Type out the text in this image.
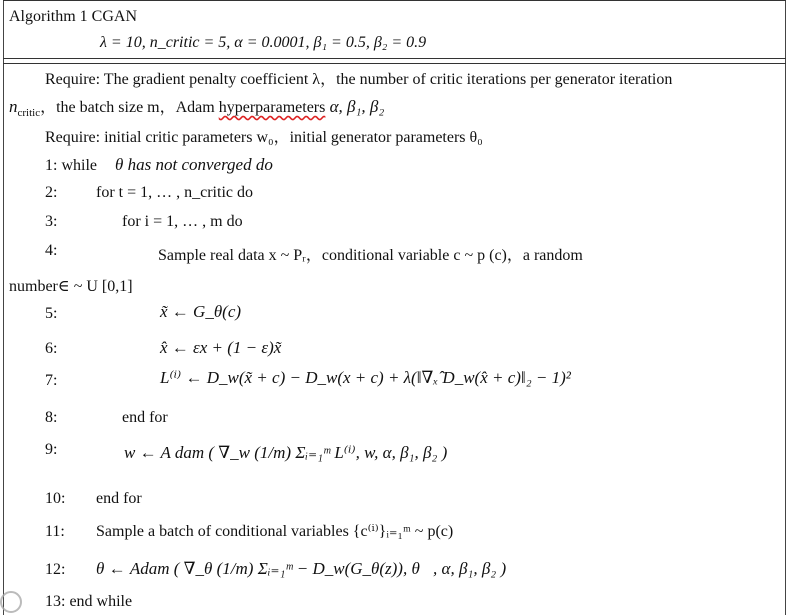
Algorithm 1 CGAN
λ = 10, n_critic = 5, α = 0.0001, β₁ = 0.5, β₂ = 0.9
Require: The gradient penalty coefficient λ，the number of critic iterations per generator iteration
$n_{critic}$，the batch size m，Adam hyperparameters α, β₁, β₂
Require: initial critic parameters w₀，initial generator parameters θ₀
1: while θ has not converged do
2: for t = 1, … , n_critic do
3:	for i = 1, … , m do
4:	Sample real data x ~ Pᵣ，conditional variable c ~ p (c)，a random
number∈ ~ U [0,1]
5:	x̃ ← G_θ(c)
6:	x̂ ← εx + (1 − ε)x̃
7:	L⁽ⁱ⁾ ← D_w(x̃ + c) − D_w(x + c) + λ(‖∇ₓ̂ D_w(x̂ + c)‖₂ − 1)²
8:	end for
9:	w ← A dam ( ∇_w (1/m) Σᵢ₌₁ᵐ L⁽ⁱ⁾, w, α, β₁, β₂ )
10: end for
11: Sample a batch of conditional variables {c⁽ⁱ⁾}ᵢ₌₁ᵐ ~ p(c)
12: θ ← Adam ( ∇_θ (1/m) Σᵢ₌₁ᵐ − D_w(G_θ(z)), θ⃗, α, β₁, β₂ )
13: end while
